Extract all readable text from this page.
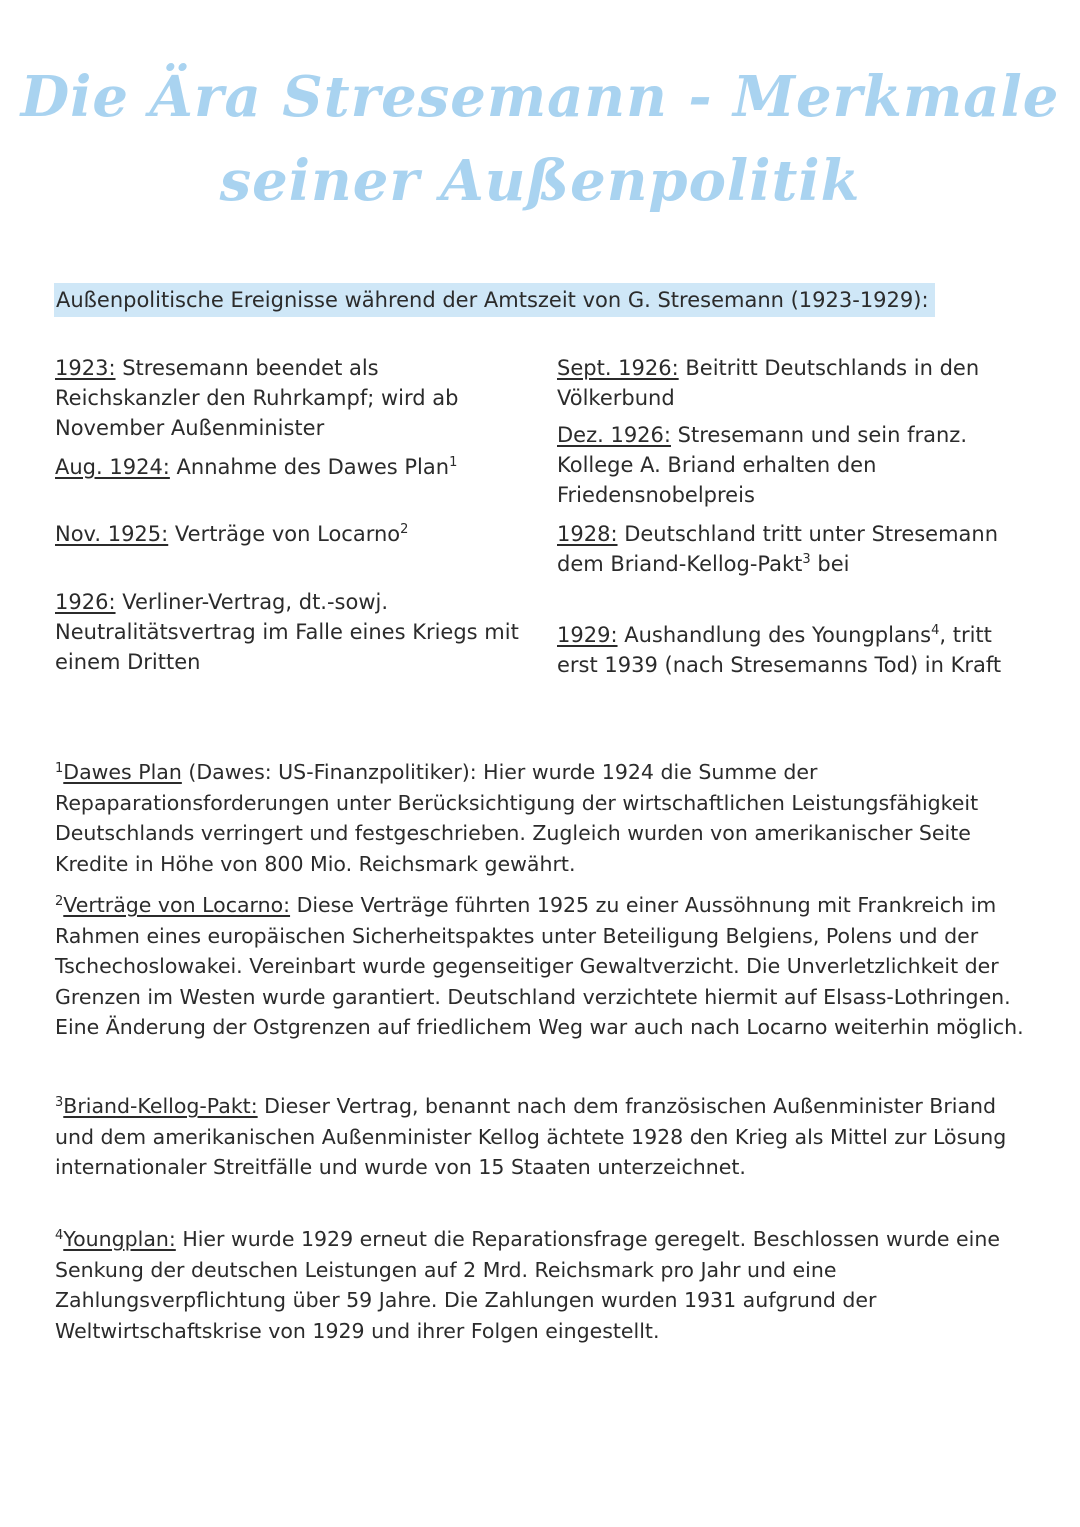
Die Ära Stresemann - Merkmale
seiner Außenpolitik
Außenpolitische Ereignisse während der Amtszeit von G. Stresemann (1923-1929):
1923: Stresemann beendet als Reichskanzler den Ruhrkampf; wird ab November Außenminister
Aug. 1924: Annahme des Dawes Plan$^1$
Nov. 1925: Verträge von Locarno$^2$
1926: Verliner-Vertrag, dt.-sowj. Neutralitätsvertrag im Falle eines Kriegs mit einem Dritten
Sept. 1926: Beitritt Deutschlands in den Völkerbund
Dez. 1926: Stresemann und sein franz. Kollege A. Briand erhalten den Friedensnobelpreis
1928: Deutschland tritt unter Stresemann dem Briand-Kellog-Pakt$^3$ bei
1929: Aushandlung des Youngplans$^4$, tritt erst 1939 (nach Stresemanns Tod) in Kraft
$^1$Dawes Plan (Dawes: US-Finanzpolitiker): Hier wurde 1924 die Summe der Repaparationsforderungen unter Berücksichtigung der wirtschaftlichen Leistungsfähigkeit Deutschlands verringert und festgeschrieben. Zugleich wurden von amerikanischer Seite Kredite in Höhe von 800 Mio. Reichsmark gewährt.
$^2$Verträge von Locarno: Diese Verträge führten 1925 zu einer Aussöhnung mit Frankreich im Rahmen eines europäischen Sicherheitspaktes unter Beteiligung Belgiens, Polens und der Tschechoslowakei. Vereinbart wurde gegenseitiger Gewaltverzicht. Die Unverletzlichkeit der Grenzen im Westen wurde garantiert. Deutschland verzichtete hiermit auf Elsass-Lothringen. Eine Änderung der Ostgrenzen auf friedlichem Weg war auch nach Locarno weiterhin möglich.
$^3$Briand-Kellog-Pakt: Dieser Vertrag, benannt nach dem französischen Außenminister Briand und dem amerikanischen Außenminister Kellog ächtete 1928 den Krieg als Mittel zur Lösung internationaler Streitfälle und wurde von 15 Staaten unterzeichnet.
$^4$Youngplan: Hier wurde 1929 erneut die Reparationsfrage geregelt. Beschlossen wurde eine Senkung der deutschen Leistungen auf 2 Mrd. Reichsmark pro Jahr und eine Zahlungsverpflichtung über 59 Jahre. Die Zahlungen wurden 1931 aufgrund der Weltwirtschaftskrise von 1929 und ihrer Folgen eingestellt.
